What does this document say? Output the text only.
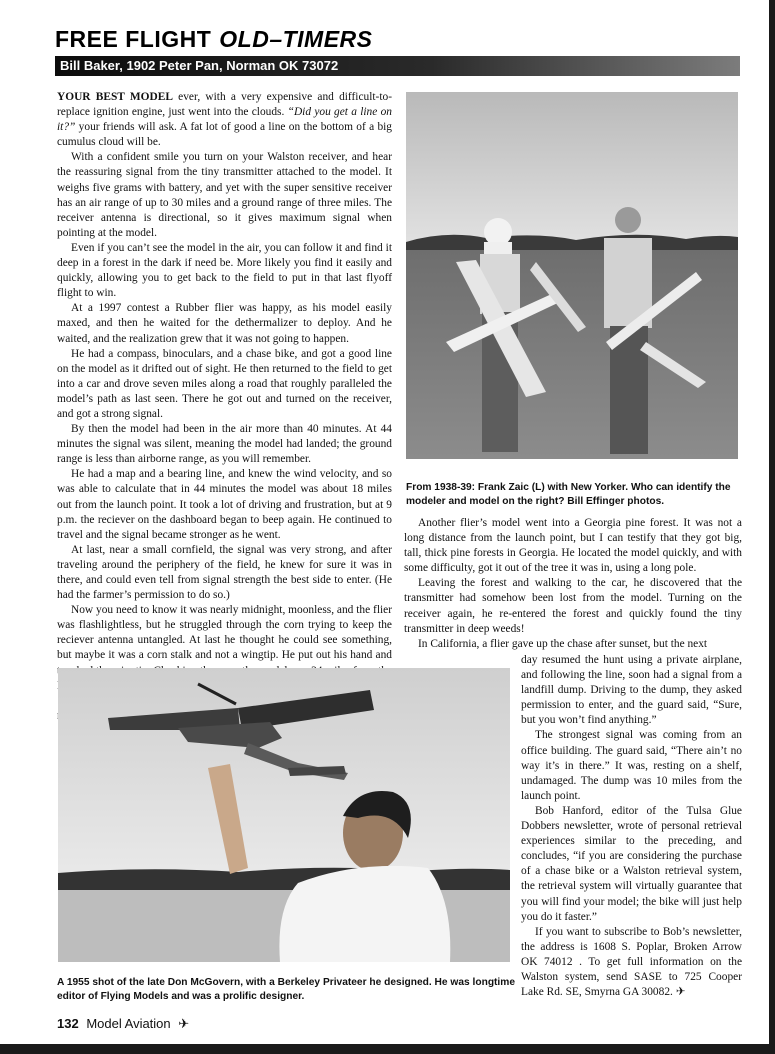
FREE FLIGHT OLD–TIMERS
Bill Baker, 1902 Peter Pan, Norman OK 73072

YOUR BEST MODEL ever, with a very expensive and difficult-to-replace ignition engine, just went into the clouds. “Did you get a line on it?” your friends will ask. A fat lot of good a line on the bottom of a big cumulus cloud will be.

With a confident smile you turn on your Walston receiver, and hear the reassuring signal from the tiny transmitter attached to the model. It weighs five grams with battery, and yet with the super sensitive receiver has an air range of up to 30 miles and a ground range of three miles. The receiver antenna is directional, so it gives maximum signal when pointing at the model.

Even if you can’t see the model in the air, you can follow it and find it deep in a forest in the dark if need be. More likely you find it easily and quickly, allowing you to get back to the field to put in that last flyoff flight to win.

At a 1997 contest a Rubber flier was happy, as his model easily maxed, and then he waited for the dethermalizer to deploy. And he waited, and the realization grew that it was not going to happen.

He had a compass, binoculars, and a chase bike, and got a good line on the model as it drifted out of sight. He then returned to the field to get into a car and drove seven miles along a road that roughly paralleled the model’s path as last seen. There he got out and turned on the receiver, and got a strong signal.

By then the model had been in the air more than 40 minutes. At 44 minutes the signal was silent, meaning the model had landed; the ground range is less than airborne range, as you will remember.

He had a map and a bearing line, and knew the wind velocity, and so was able to calculate that in 44 minutes the model was about 18 miles out from the launch point. It took a lot of driving and frustration, but at 9 p.m. the reciever on the dashboard began to beep again. He continued to travel and the signal became stronger as he went.

At last, near a small cornfield, the signal was very strong, and after traveling around the periphery of the field, he knew for sure it was in there, and could even tell from signal strength the best side to enter. (He had the farmer’s permission to do so.)

Now you need to know it was nearly midnight, moonless, and the flier was flashlightless, but he struggled through the corn trying to keep the reciever antenna untangled. At last he thought he could see something, but maybe it was a corn stalk and not a wingtip. He put out his hand and

From 1938-39: Frank Zaic (L) with New Yorker. Who can identify the modeler and model on the right? Bill Effinger photos.

Another flier’s model went into a Georgia pine forest. It was not a long distance from the launch point, but I can testify that they got big, tall, thick pine forests in Georgia. He located the model quickly, and with some difficulty, got it out of the tree it was in, using a long pole.

Leaving the forest and walking to the car, he discovered that the transmitter had somehow been lost from the model. Turning on the receiver again, he re-entered the forest and quickly found the tiny transmitter in deep weeds!

In California, a flier gave up the chase after sunset, but the next

day resumed the hunt using a private airplane, and following the line, soon had a signal from a landfill dump. Driving to the dump, they asked permission to enter, and the guard said, “Sure, but you won’t find anything.”

The strongest signal was coming from an office building. The guard said, “There ain’t no way it’s in there.” It was, resting on a shelf, undamaged. The dump was 10 miles from the launch point.

Bob Hanford, editor of the Tulsa Glue Dobbers newsletter, wrote of personal retrieval experiences similar to the preceding, and concludes, “if you are considering the purchase of a chase bike or a Walston retrieval system, the retrieval system will virtually guarantee that you will find your model; the bike will just help you do it faster.”

If you want to subscribe to Bob’s newsletter, the address is 1608 S. Poplar, Broken Arrow OK 74012 . To get full information on the Walston system, send SASE to 725 Cooper Lake Rd. SE, Smyrna GA 30082. ✈

A 1955 shot of the late Don McGovern, with a Berkeley Privateer he designed. He was longtime editor of Flying Models and was a prolific designer.
132 Model Aviation ✈
